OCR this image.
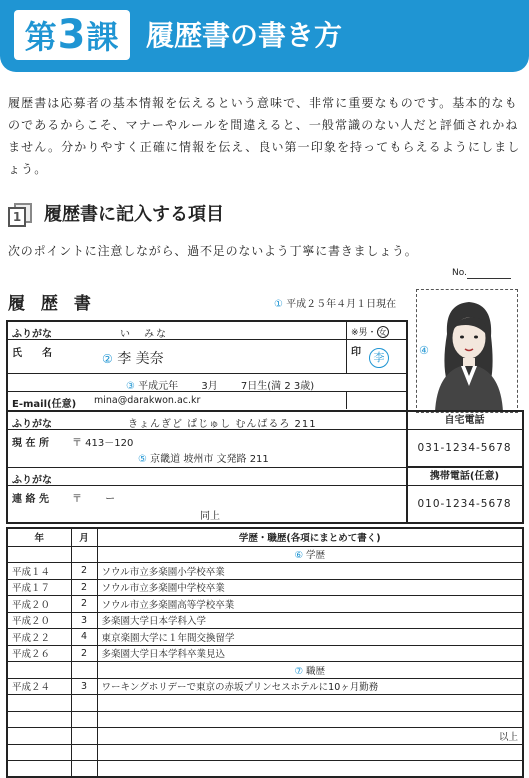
第3課 履歴書の書き方

履歴書は応募者の基本情報を伝えるという意味で、非常に重要なものです。基本的なものであるからこそ、マナーやルールを間違えると、一般常識のない人だと評価されかねません。分かりやすく正確に情報を伝え、良い第一印象を持ってもらえるようにしましょう。

1 履歴書に記入する項目
次のポイントに注意しながら、過不足のないよう丁寧に書きましょう。
No.
履 歴 書	① 平成２５年４月１日現在
④
ふりがな	い　みな	※男・ 女
氏　　名	② 李 美奈	印	李
③ 平成元年　　 3月　　 7日生(満 2 3歳)
E-mail(任意) mina@darakwon.ac.kr
ふりがな	きょんぎど ぱじゅし むんばるろ 211
現 在 所 〒 413－120
⑤ 京畿道 坡州市 文発路 211
ふりがな
連 絡 先 〒　　 ー
同上
自宅電話
031-1234-5678
携帯電話(任意)
010-1234-5678
年	月	学歴・職歴(各項にまとめて書く)
		⑥ 学歴
平成１４	2	ソウル市立多楽園小学校卒業
平成１７	2	ソウル市立多楽園中学校卒業
平成２０	2	ソウル市立多楽園高等学校卒業
平成２０	3	多楽園大学日本学科入学
平成２２	4	東京楽園大学に１年間交換留学
平成２６	2	多楽園大学日本学科卒業見込
		⑦ 職歴
平成２４	3	ワーキングホリデーで東京の赤坂プリンセスホテルに10ヶ月勤務

		以上
